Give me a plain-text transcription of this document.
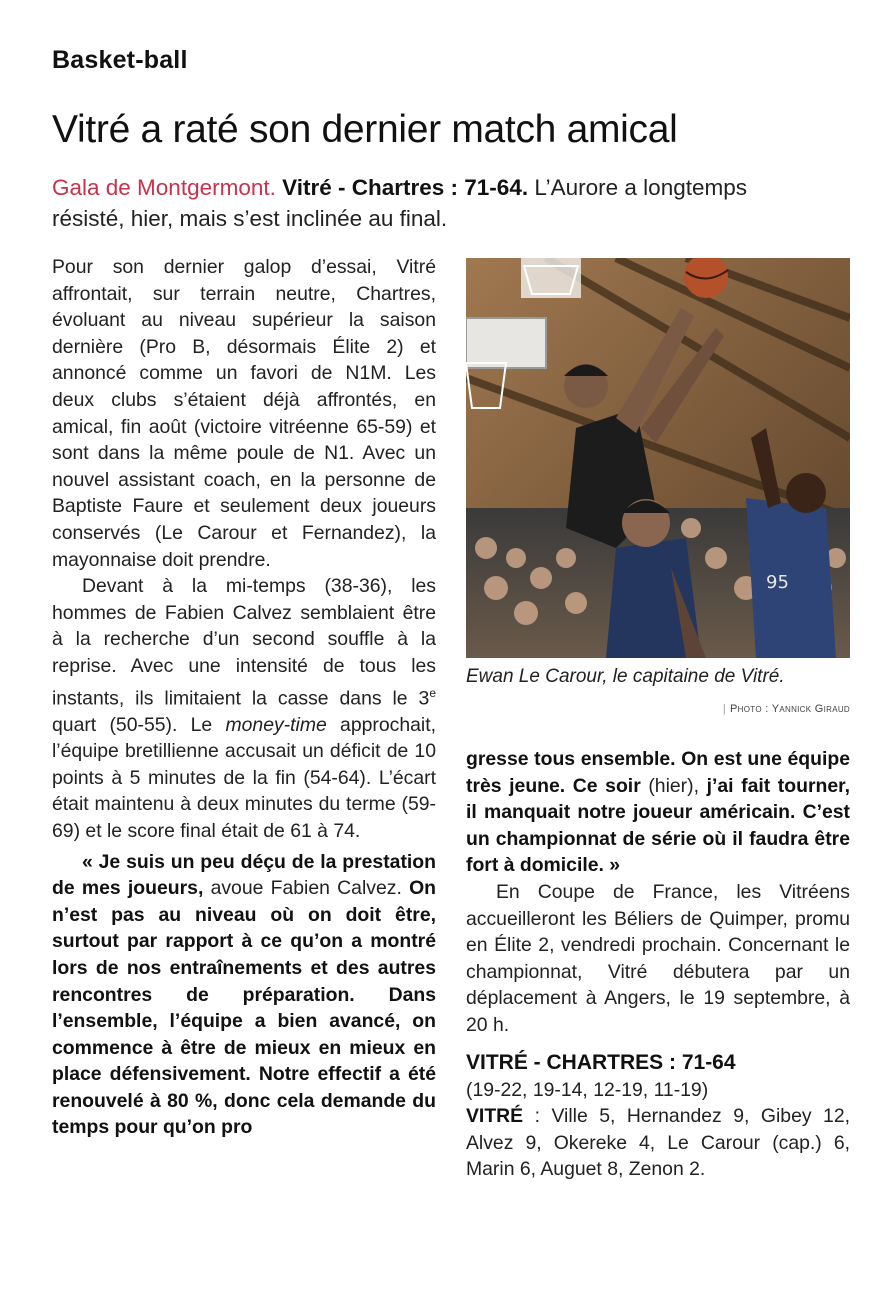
Basket-ball
Vitré a raté son dernier match amical
Gala de Montgermont. Vitré - Chartres : 71-64. L’Aurore a longtemps résisté, hier, mais s’est inclinée au final.

Pour son dernier galop d’essai, Vitré affrontait, sur terrain neutre, Chartres, évoluant au niveau supérieur la saison dernière (Pro B, désormais Élite 2) et annoncé comme un favori de N1M. Les deux clubs s’étaient déjà affrontés, en amical, fin août (victoire vitréenne 65-59) et sont dans la même poule de N1. Avec un nouvel assistant coach, en la personne de Baptiste Faure et seulement deux joueurs conservés (Le Carour et Fernandez), la mayonnaise doit prendre.

Devant à la mi-temps (38-36), les hommes de Fabien Calvez semblaient être à la recherche d’un second souffle à la reprise. Avec une intensité de tous les instants, ils limitaient la casse dans le 3e quart (50-55). Le money-time approchait, l’équipe bretillienne accusait un déficit de 10 points à 5 minutes de la fin (54-64). L’écart était maintenu à deux minutes du terme (59-69) et le score final était de 61 à 74.

« Je suis un peu déçu de la prestation de mes joueurs, avoue Fabien Calvez. On n’est pas au niveau où on doit être, surtout par rapport à ce qu’on a montré lors de nos entraînements et des autres rencontres de préparation. Dans l’ensemble, l’équipe a bien avancé, on commence à être de mieux en mieux en place défensivement. Notre effectif a été renouvelé à 80 %, donc cela demande du temps pour qu’on pro

95
Ewan Le Carour, le capitaine de Vitré.
| Photo : Yannick Giraud

gresse tous ensemble. On est une équipe très jeune. Ce soir (hier), j’ai fait tourner, il manquait notre joueur américain. C’est un championnat de série où il faudra être fort à domicile. »

En Coupe de France, les Vitréens accueilleront les Béliers de Quimper, promu en Élite 2, vendredi prochain. Concernant le championnat, Vitré débutera par un déplacement à Angers, le 19 septembre, à 20 h.

VITRÉ - CHARTRES : 71-64
(19-22, 19-14, 12-19, 11-19)
VITRÉ : Ville 5, Hernandez 9, Gibey 12, Alvez 9, Okereke 4, Le Carour (cap.) 6, Marin 6, Auguet 8, Zenon 2.
